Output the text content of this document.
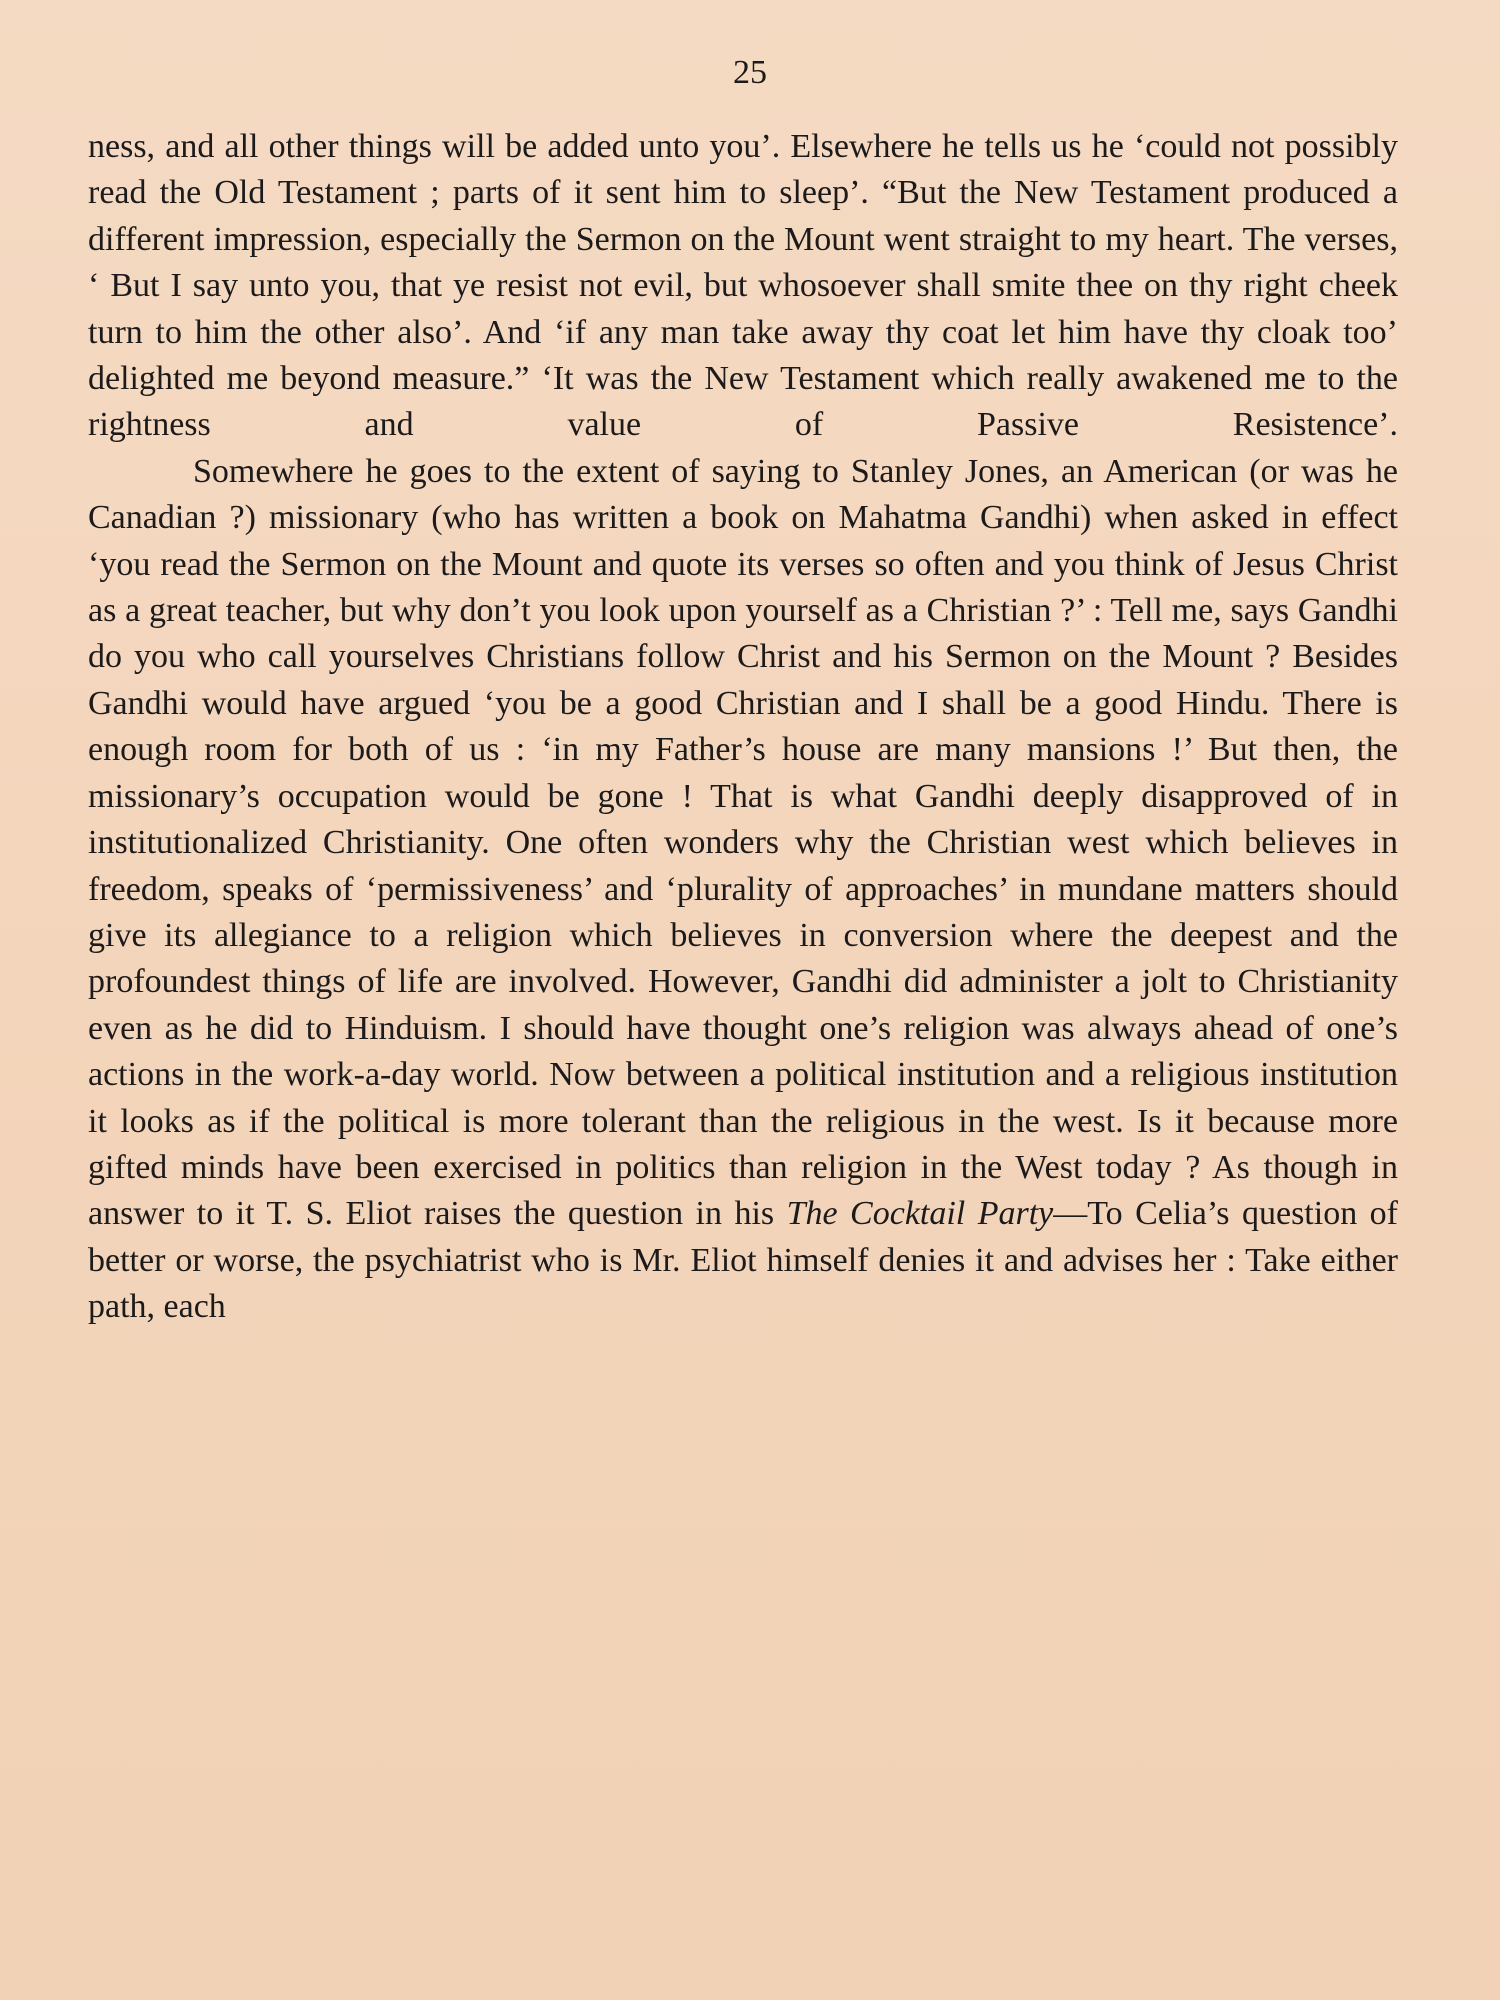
25

ness, and all other things will be added unto you’. Elsewhere he tells us he ‘could not possibly read the Old Testament ; parts of it sent him to sleep’. “But the New Testament produced a different impression, especially the Sermon on the Mount went straight to my heart. The verses, ‘ But I say unto you, that ye resist not evil, but whosoever shall smite thee on thy right cheek turn to him the other also’. And ‘if any man take away thy coat let him have thy cloak too’ delighted me beyond measure.” ‘It was the New Testament which really awakened me to the rightness and value of Passive Resistence’.

Somewhere he goes to the extent of saying to Stanley Jones, an American (or was he Canadian ?) missionary (who has written a book on Mahatma Gandhi) when asked in effect ‘you read the Sermon on the Mount and quote its verses so often and you think of Jesus Christ as a great teacher, but why don’t you look upon yourself as a Christian ?’ : Tell me, says Gandhi do you who call yourselves Christians follow Christ and his Sermon on the Mount ? Besides Gandhi would have argued ‘you be a good Christian and I shall be a good Hindu. There is enough room for both of us : ‘in my Father’s house are many mansions !’ But then, the missionary’s occupation would be gone ! That is what Gandhi deeply disapproved of in institutionalized Christianity. One often wonders why the Christian west which believes in freedom, speaks of ‘permissiveness’ and ‘plurality of approaches’ in mundane matters should give its allegiance to a religion which believes in conversion where the deepest and the profoundest things of life are involved. However, Gandhi did administer a jolt to Christianity even as he did to Hinduism. I should have thought one’s religion was always ahead of one’s actions in the work-a-day world. Now between a political institution and a religious institution it looks as if the political is more tolerant than the religious in the west. Is it because more gifted minds have been exercised in politics than religion in the West today ? As though in answer to it T. S. Eliot raises the question in his The Cocktail Party—To Celia’s question of better or worse, the psychiatrist who is Mr. Eliot himself denies it and advises her : Take either path, each
